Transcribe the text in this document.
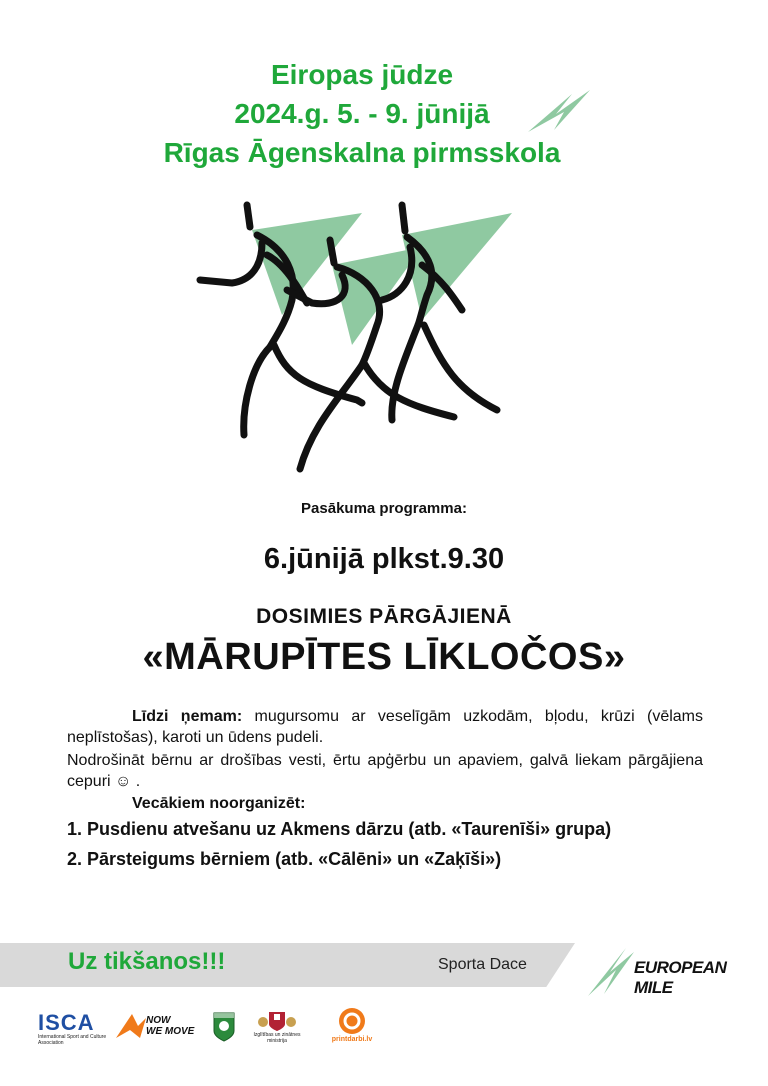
Eiropas jūdze
2024.g. 5. - 9. jūnijā
Rīgas Āgenskalna pirmsskola
Pasākuma programma:
6.jūnijā plkst.9.30
DOSIMIES PĀRGĀJIENĀ
«MĀRUPĪTES LĪKLOČOS»
Līdzi ņemam: mugursomu ar veselīgām uzkodām, bļodu, krūzi (vēlams neplīstošas), karoti un ūdens pudeli.
Nodrošināt bērnu ar drošības vesti, ērtu apģērbu un apaviem, galvā liekam pārgājiena cepuri ☺ .
Vecākiem noorganizēt:
1. Pusdienu atvešanu uz Akmens dārzu (atb. «Taurenīši» grupa)
2. Pārsteigums bērniem (atb. «Cālēni» un «Zaķīši»)
Uz tikšanos!!!	Sporta Dace	EUROPEAN MILE
ISCA
International Sport and Culture Association
NOW
WE MOVE	Izglītības un zinātnes ministrija	printdarbi.lv
